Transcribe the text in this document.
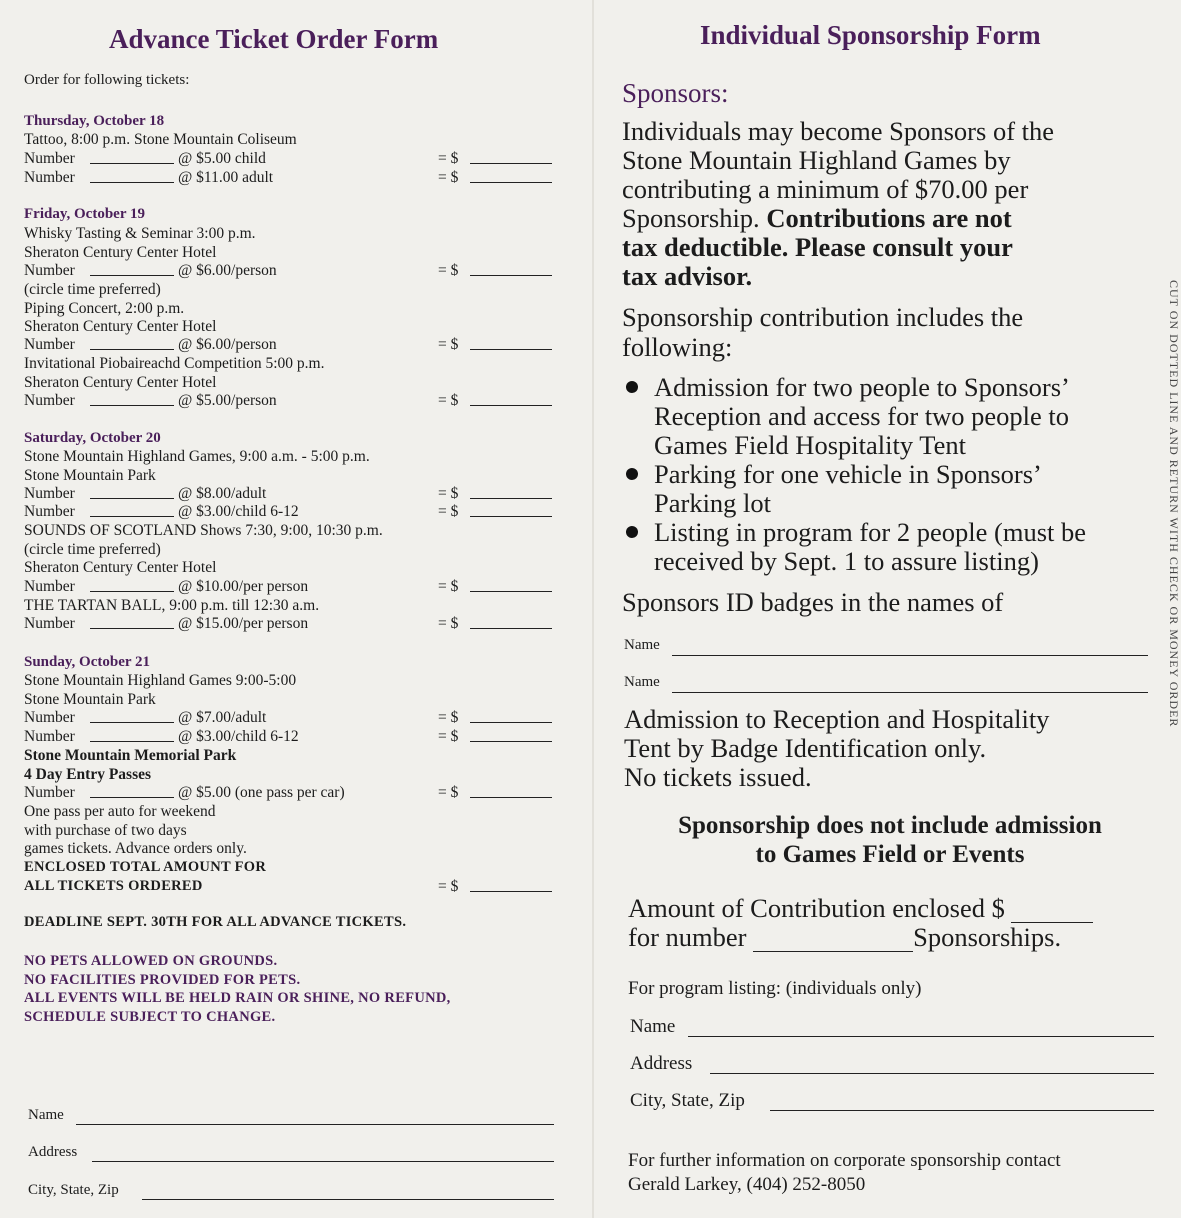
CUT ON DOTTED LINE AND RETURN WITH CHECK OR MONEY ORDER
Advance Ticket Order Form
Order for following tickets:
Thursday, October 18
Tattoo, 8:00 p.m. Stone Mountain Coliseum
Number	@ $5.00 child	= $
Number	@ $11.00 adult	= $
Friday, October 19
Whisky Tasting & Seminar 3:00 p.m.
Sheraton Century Center Hotel
Number	@ $6.00/person	= $
(circle time preferred)
Piping Concert, 2:00 p.m.
Sheraton Century Center Hotel
Number	@ $6.00/person	= $
Invitational Piobaireachd Competition 5:00 p.m.
Sheraton Century Center Hotel
Number	@ $5.00/person	= $
Saturday, October 20
Stone Mountain Highland Games, 9:00 a.m. - 5:00 p.m.
Stone Mountain Park
Number	@ $8.00/adult	= $
Number	@ $3.00/child 6-12	= $
SOUNDS OF SCOTLAND Shows 7:30, 9:00, 10:30 p.m.
(circle time preferred)
Sheraton Century Center Hotel
Number	@ $10.00/per person	= $
THE TARTAN BALL, 9:00 p.m. till 12:30 a.m.
Number	@ $15.00/per person	= $
Sunday, October 21
Stone Mountain Highland Games 9:00-5:00
Stone Mountain Park
Number	@ $7.00/adult	= $
Number	@ $3.00/child 6-12	= $
Stone Mountain Memorial Park
4 Day Entry Passes
Number	@ $5.00 (one pass per car)	= $
One pass per auto for weekend
with purchase of two days
games tickets. Advance orders only.
ENCLOSED TOTAL AMOUNT FOR
ALL TICKETS ORDERED	= $
DEADLINE SEPT. 30TH FOR ALL ADVANCE TICKETS.
NO PETS ALLOWED ON GROUNDS.
NO FACILITIES PROVIDED FOR PETS.
ALL EVENTS WILL BE HELD RAIN OR SHINE, NO REFUND,
SCHEDULE SUBJECT TO CHANGE.
Name
Address
City, State, Zip
Individual Sponsorship Form
Sponsors:
Individuals may become Sponsors of the
Stone Mountain Highland Games by
contributing a minimum of $70.00 per
Sponsorship. Contributions are not
tax deductible. Please consult your
tax advisor.
Sponsorship contribution includes the
following:
Admission for two people to Sponsors’
Reception and access for two people to
Games Field Hospitality Tent
Parking for one vehicle in Sponsors’
Parking lot
Listing in program for 2 people (must be
received by Sept. 1 to assure listing)
Sponsors ID badges in the names of
Name
Name
Admission to Reception and Hospitality
Tent by Badge Identification only.
No tickets issued.
Sponsorship does not include admission
to Games Field or Events
Amount of Contribution enclosed $
for number	Sponsorships.
For program listing: (individuals only)
Name
Address
City, State, Zip
For further information on corporate sponsorship contact
Gerald Larkey, (404) 252-8050
